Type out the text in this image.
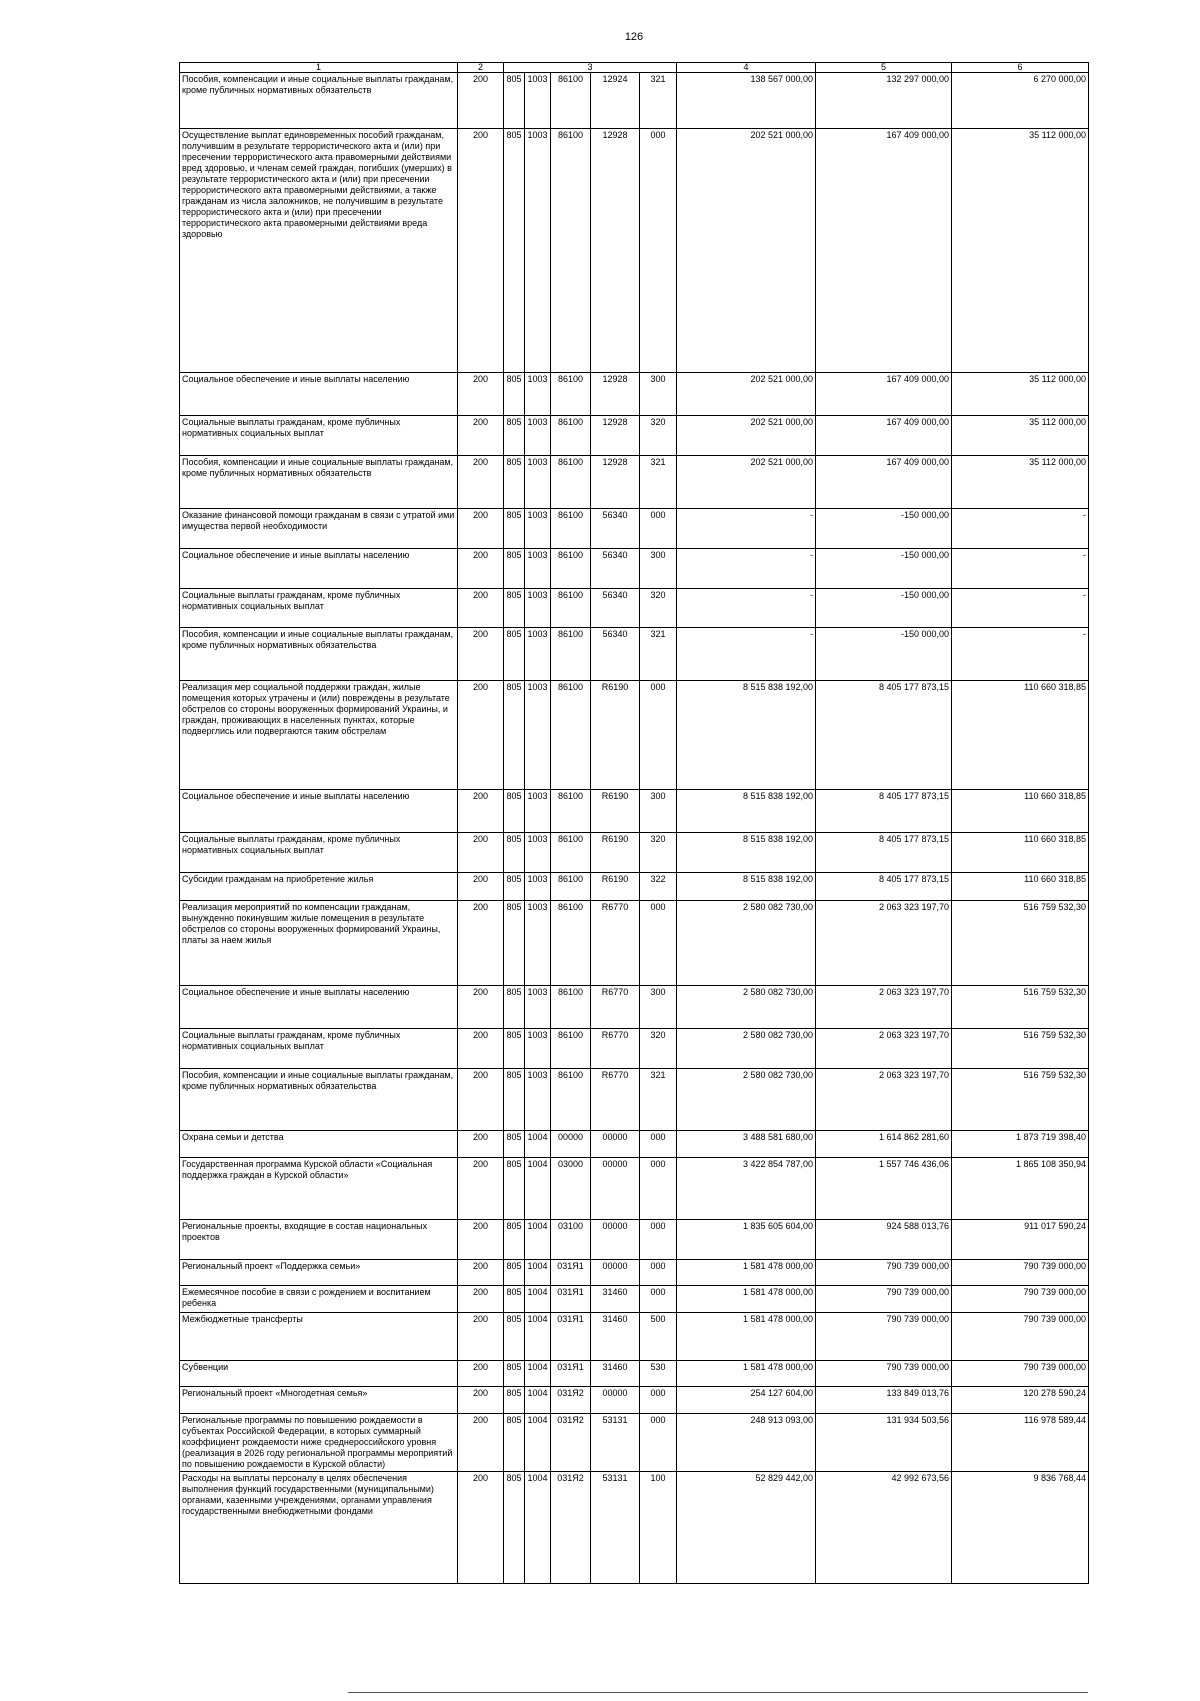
126
1	2	3					4	5	6
Пособия, компенсации и иные социальные выплаты гражданам, кроме публичных нормативных обязательств	200	805	1003	86100	12924	321	138 567 000,00	132 297 000,00	6 270 000,00
Осуществление выплат единовременных пособий гражданам, получившим в результате террористического акта и (или) при пресечении террористического акта правомерными действиями вред здоровью, и членам семей граждан, погибших (умерших) в результате террористического акта и (или) при пресечении террористического акта правомерными действиями, а также гражданам из числа заложников, не получившим в результате террористического акта и (или) при пресечении террористического акта правомерными действиями вреда здоровью	200	805	1003	86100	12928	000	202 521 000,00	167 409 000,00	35 112 000,00
Социальное обеспечение и иные выплаты населению	200	805	1003	86100	12928	300	202 521 000,00	167 409 000,00	35 112 000,00
Социальные выплаты гражданам, кроме публичных нормативных социальных выплат	200	805	1003	86100	12928	320	202 521 000,00	167 409 000,00	35 112 000,00
Пособия, компенсации и иные социальные выплаты гражданам, кроме публичных нормативных обязательств	200	805	1003	86100	12928	321	202 521 000,00	167 409 000,00	35 112 000,00
Оказание финансовой помощи гражданам в связи с утратой ими имущества первой необходимости	200	805	1003	86100	56340	000	-	-150 000,00	-
Социальное обеспечение и иные выплаты населению	200	805	1003	86100	56340	300	-	-150 000,00	-
Социальные выплаты гражданам, кроме публичных нормативных социальных выплат	200	805	1003	86100	56340	320	-	-150 000,00	-
Пособия, компенсации и иные социальные выплаты гражданам, кроме публичных нормативных обязательства	200	805	1003	86100	56340	321	-	-150 000,00	-
Реализация мер социальной поддержки граждан, жилые помещения которых утрачены и (или) повреждены в результате обстрелов со стороны вооруженных формирований Украины, и граждан, проживающих в населенных пунктах, которые подверглись или подвергаются таким обстрелам	200	805	1003	86100	R6190	000	8 515 838 192,00	8 405 177 873,15	110 660 318,85
Социальное обеспечение и иные выплаты населению	200	805	1003	86100	R6190	300	8 515 838 192,00	8 405 177 873,15	110 660 318,85
Социальные выплаты гражданам, кроме публичных нормативных социальных выплат	200	805	1003	86100	R6190	320	8 515 838 192,00	8 405 177 873,15	110 660 318,85
Субсидии гражданам на приобретение жилья	200	805	1003	86100	R6190	322	8 515 838 192,00	8 405 177 873,15	110 660 318,85
Реализация мероприятий по компенсации гражданам, вынужденно покинувшим жилые помещения в результате обстрелов со стороны вооруженных формирований Украины, платы за наем жилья	200	805	1003	86100	R6770	000	2 580 082 730,00	2 063 323 197,70	516 759 532,30
Социальное обеспечение и иные выплаты населению	200	805	1003	86100	R6770	300	2 580 082 730,00	2 063 323 197,70	516 759 532,30
Социальные выплаты гражданам, кроме публичных нормативных социальных выплат	200	805	1003	86100	R6770	320	2 580 082 730,00	2 063 323 197,70	516 759 532,30
Пособия, компенсации и иные социальные выплаты гражданам, кроме публичных нормативных обязательства	200	805	1003	86100	R6770	321	2 580 082 730,00	2 063 323 197,70	516 759 532,30
Охрана семьи и детства	200	805	1004	00000	00000	000	3 488 581 680,00	1 614 862 281,60	1 873 719 398,40
Государственная программа Курской области «Социальная поддержка граждан в Курской области»	200	805	1004	03000	00000	000	3 422 854 787,00	1 557 746 436,06	1 865 108 350,94
Региональные проекты, входящие в состав национальных проектов	200	805	1004	03100	00000	000	1 835 605 604,00	924 588 013,76	911 017 590,24
Региональный проект «Поддержка семьи»	200	805	1004	031Я1	00000	000	1 581 478 000,00	790 739 000,00	790 739 000,00
Ежемесячное пособие в связи с рождением и воспитанием ребенка	200	805	1004	031Я1	31460	000	1 581 478 000,00	790 739 000,00	790 739 000,00
Межбюджетные трансферты	200	805	1004	031Я1	31460	500	1 581 478 000,00	790 739 000,00	790 739 000,00
Субвенции	200	805	1004	031Я1	31460	530	1 581 478 000,00	790 739 000,00	790 739 000,00
Региональный проект «Многодетная семья»	200	805	1004	031Я2	00000	000	254 127 604,00	133 849 013,76	120 278 590,24
Региональные программы по повышению рождаемости в субъектах Российской Федерации, в которых суммарный коэффициент рождаемости ниже среднероссийского уровня (реализация в 2026 году региональной программы мероприятий по повышению рождаемости в Курской области)	200	805	1004	031Я2	53131	000	248 913 093,00	131 934 503,56	116 978 589,44
Расходы на выплаты персоналу в целях обеспечения выполнения функций государственными (муниципальными) органами, казенными учреждениями, органами управления государственными внебюджетными фондами	200	805	1004	031Я2	53131	100	52 829 442,00	42 992 673,56	9 836 768,44
